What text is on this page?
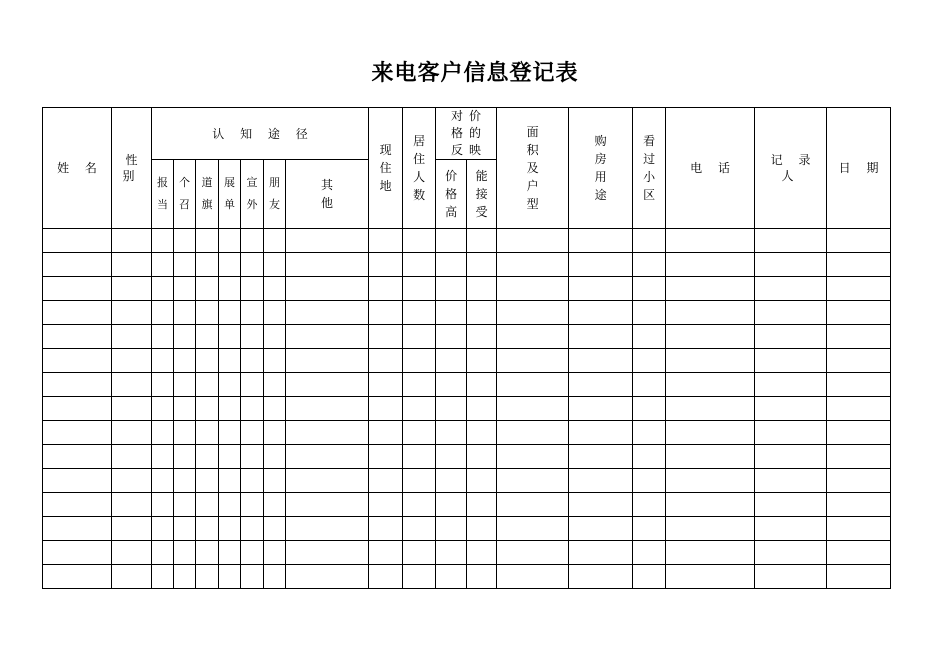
来电客户信息登记表
姓 名	性 别	认 知 途 径							现住地	居住人数	对价格的反映		面积及户型	购房用途	看过小区	电 话	记 录 人	日 期
		报当	个召	道旗	展单	宣外	朋友	其他			价格高	能接受						
